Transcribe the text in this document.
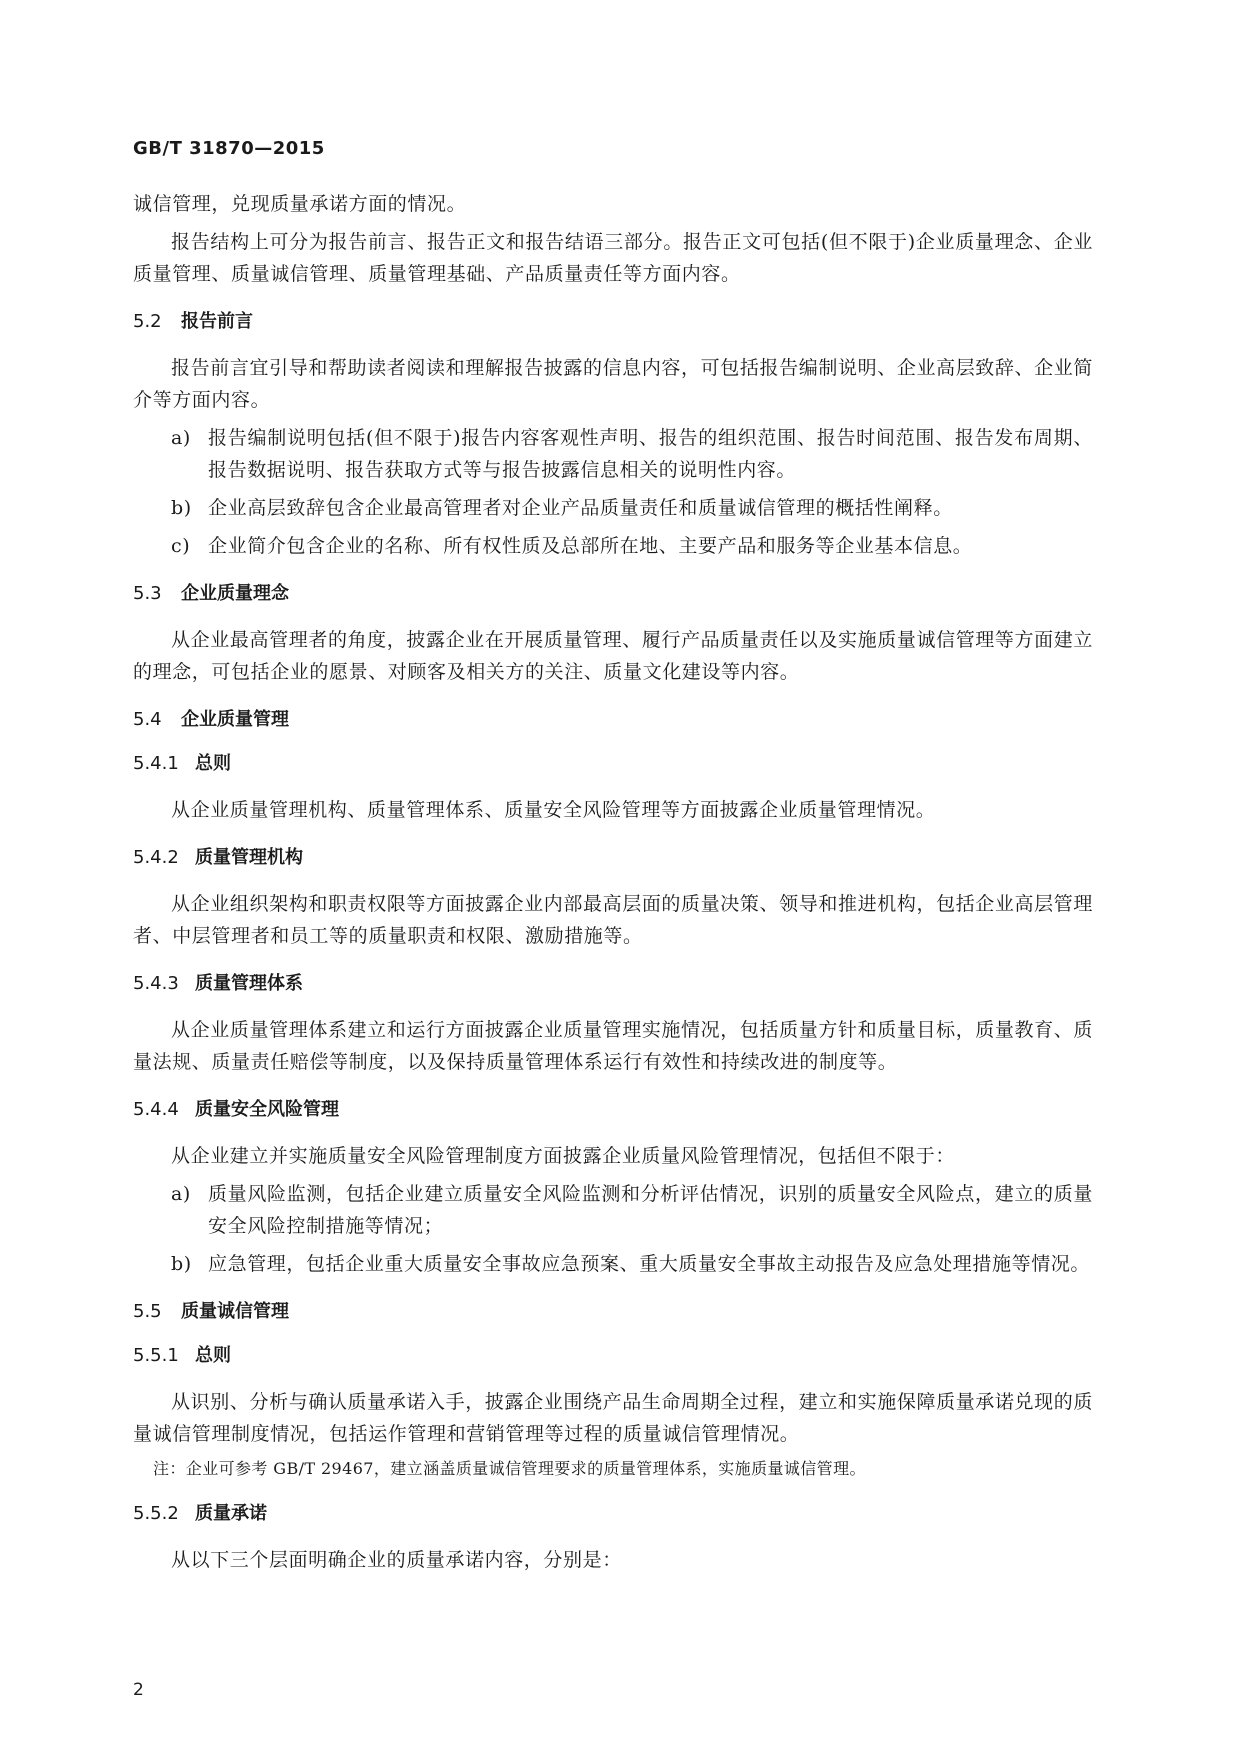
GB/T 31870—2015

诚信管理，兑现质量承诺方面的情况。

报告结构上可分为报告前言、报告正文和报告结语三部分。报告正文可包括(但不限于)企业质量理念、企业质量管理、质量诚信管理、质量管理基础、产品质量责任等方面内容。

5.2 报告前言

报告前言宜引导和帮助读者阅读和理解报告披露的信息内容，可包括报告编制说明、企业高层致辞、企业简介等方面内容。

a) 报告编制说明包括(但不限于)报告内容客观性声明、报告的组织范围、报告时间范围、报告发布周期、报告数据说明、报告获取方式等与报告披露信息相关的说明性内容。
b) 企业高层致辞包含企业最高管理者对企业产品质量责任和质量诚信管理的概括性阐释。
c) 企业简介包含企业的名称、所有权性质及总部所在地、主要产品和服务等企业基本信息。
5.3 企业质量理念

从企业最高管理者的角度，披露企业在开展质量管理、履行产品质量责任以及实施质量诚信管理等方面建立的理念，可包括企业的愿景、对顾客及相关方的关注、质量文化建设等内容。

5.4 企业质量管理
5.4.1 总则

从企业质量管理机构、质量管理体系、质量安全风险管理等方面披露企业质量管理情况。

5.4.2 质量管理机构

从企业组织架构和职责权限等方面披露企业内部最高层面的质量决策、领导和推进机构，包括企业高层管理者、中层管理者和员工等的质量职责和权限、激励措施等。

5.4.3 质量管理体系

从企业质量管理体系建立和运行方面披露企业质量管理实施情况，包括质量方针和质量目标，质量教育、质量法规、质量责任赔偿等制度，以及保持质量管理体系运行有效性和持续改进的制度等。

5.4.4 质量安全风险管理

从企业建立并实施质量安全风险管理制度方面披露企业质量风险管理情况，包括但不限于：

a) 质量风险监测，包括企业建立质量安全风险监测和分析评估情况，识别的质量安全风险点，建立的质量安全风险控制措施等情况；
b) 应急管理，包括企业重大质量安全事故应急预案、重大质量安全事故主动报告及应急处理措施等情况。
5.5 质量诚信管理
5.5.1 总则

从识别、分析与确认质量承诺入手，披露企业围绕产品生命周期全过程，建立和实施保障质量承诺兑现的质量诚信管理制度情况，包括运作管理和营销管理等过程的质量诚信管理情况。

注：企业可参考 GB/T 29467，建立涵盖质量诚信管理要求的质量管理体系，实施质量诚信管理。

5.5.2 质量承诺

从以下三个层面明确企业的质量承诺内容，分别是：

2
